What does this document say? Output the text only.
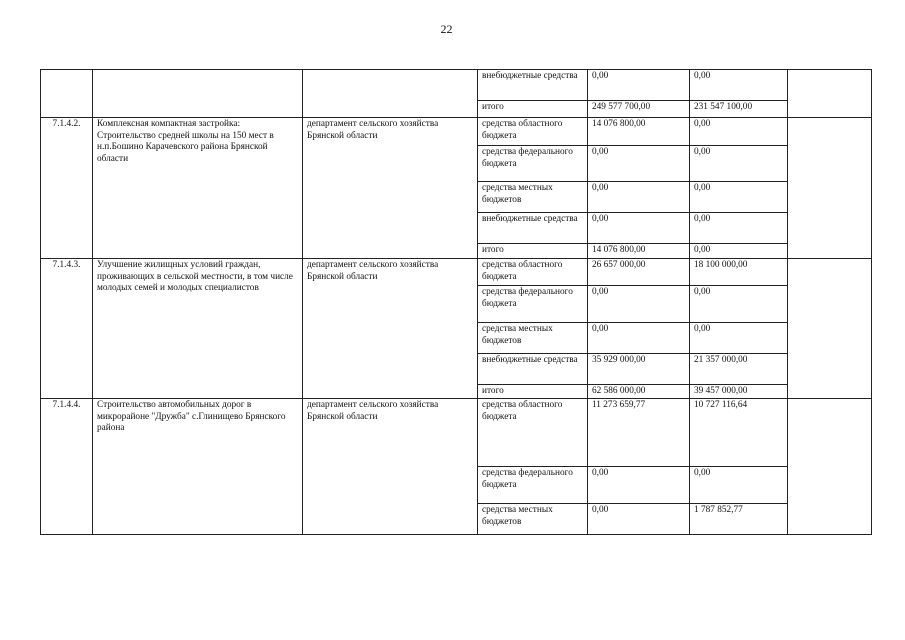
22
			внебюджетные средства	0,00	0,00	
			итого	249 577 700,00	231 547 100,00	
7.1.4.2.	Комплексная компактная застройка: Строительство средней школы на 150 мест в н.п.Бошино Карачевского района Брянской области	департамент сельского хозяйства Брянской области	средства областного бюджета	14 076 800,00	0,00	
			средства федерального бюджета	0,00	0,00	
			средства местных бюджетов	0,00	0,00	
			внебюджетные средства	0,00	0,00	
			итого	14 076 800,00	0,00	
7.1.4.3.	Улучшение жилищных условий граждан, проживающих в сельской местности, в том числе молодых семей и молодых специалистов	департамент сельского хозяйства Брянской области	средства областного бюджета	26 657 000,00	18 100 000,00	
			средства федерального бюджета	0,00	0,00	
			средства местных бюджетов	0,00	0,00	
			внебюджетные средства	35 929 000,00	21 357 000,00	
			итого	62 586 000,00	39 457 000,00	
7.1.4.4.	Строительство автомобильных дорог в микрорайоне "Дружба" с.Глинищево Брянского района	департамент сельского хозяйства Брянской области	средства областного бюджета	11 273 659,77	10 727 116,64	
			средства федерального бюджета	0,00	0,00	
			средства местных бюджетов	0,00	1 787 852,77	
